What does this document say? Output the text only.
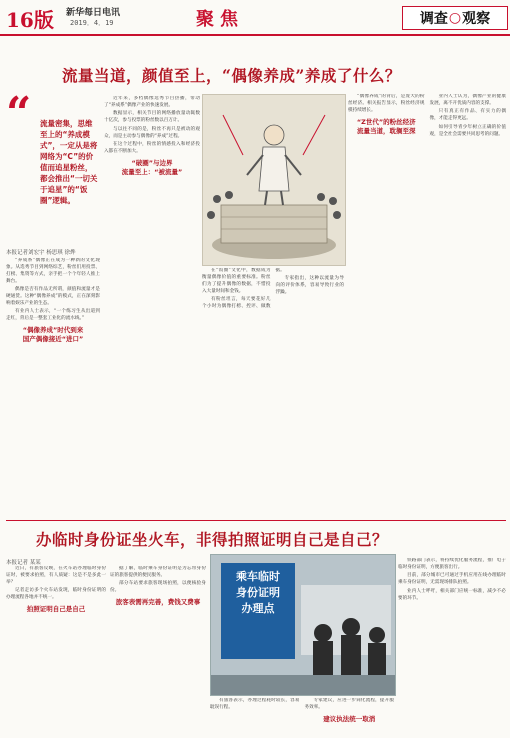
16版 新华每日电讯
2019．4．19	聚焦	调查 ○ 观察
流量当道，颜值至上，“偶像养成”养成了什么？
“ 流量密集，思维至上的“养成模式”，一定从是将网络为“C”的价值而追星粉丝，都会推出“一切关于追星”的“饭圈”逻辑。
本报记者刘宏宇 杨思琪 徐烨

“养成系”偶像正在成为一种新的文化现象。从选秀节目到网络综艺，粉丝们用投票、打榜、集资等方式，亲手把一个个年轻人推上舞台。

偶像是否有作品无所谓，颜值和流量才是硬通货。这种“偶像养成”的模式，正在深刻影响着娱乐产业的生态。

有业内人士表示，“一个练习生从出道到走红，背后是一整套工业化的流水线。”

“偶像养成”时代到来
国产偶像接近“进口”

近年来，多档偶像选秀节目热播，带动了“养成系”偶像产业的快速发展。

数据显示，相关节目的网络播放量动辄数十亿次，参与投票的粉丝数以百万计。

与以往不同的是，粉丝不再只是被动的观众，而是主动参与偶像的“养成”过程。

在这个过程中，粉丝的情感投入和经济投入都在不断加大。

“破圈”与边界
流量至上：“被流量”

在“饭圈”文化中，数据成为衡量偶像价值的重要标准。粉丝们为了提升偶像的数据，不惜投入大量时间和金钱。

有粉丝坦言，每天要花好几个小时为偶像打榜、控评、做数据。

专家指出，这种以流量为导向的评价体系，容易导致行业的浮躁。

“偶像养成”的背后，是庞大的粉丝经济。相关报告显示，粉丝经济规模持续增长。

“Z世代”的粉丝经济
流量当道，耽搁至深

业内人士认为，偶像产业的健康发展，离不开优质内容的支撑。

只有真正有作品、有实力的偶像，才能走得更远。

如何引导青少年树立正确的价值观，是全社会需要共同思考的问题。

办临时身份证坐火车，非得拍照证明自己是自己？
本报记者 某某

近日，有旅客反映，在火车站办理临时身份证时，被要求拍照，有人质疑：这是不是多此一举？

记者走访多个火车站发现，临时身份证明的办理流程各地并不统一。

拍照证明自己是自己

据了解，临时乘车身份证明是为忘带身份证的旅客提供的便民服务。

部分车站要求旅客现场拍照，以便核验身份。

旅客表需再完善，费钱又费事
乘车临时
身份证明
办理点

有旅客表示，办理过程耗时较长，容易耽误行程。

专家建议，应进一步简化流程，提升服务效率。

建议执法统一取消

铁路部门表示，将持续优化服务流程，推广电子临时身份证明，方便旅客出行。

目前，部分城市已可通过手机应用在线办理临时乘车身份证明，无需现场排队拍照。

业内人士呼吁，相关部门应统一标准，减少不必要的环节。
